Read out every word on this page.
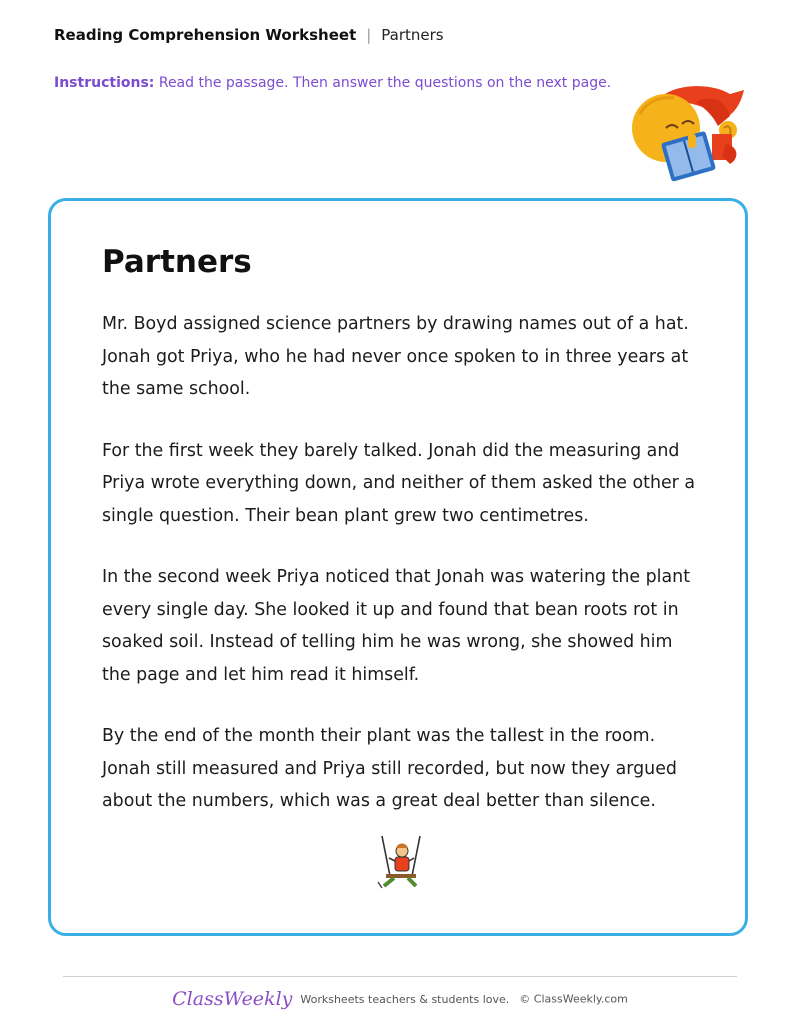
Reading Comprehension Worksheet | Partners
Instructions: Read the passage. Then answer the questions on the next page.
Partners

Mr. Boyd assigned science partners by drawing names out of a hat. Jonah got Priya, who he had never once spoken to in three years at the same school.

For the first week they barely talked. Jonah did the measuring and Priya wrote everything down, and neither of them asked the other a single question. Their bean plant grew two centimetres.

In the second week Priya noticed that Jonah was watering the plant every single day. She looked it up and found that bean roots rot in soaked soil. Instead of telling him he was wrong, she showed him the page and let him read it himself.

By the end of the month their plant was the tallest in the room. Jonah still measured and Priya still recorded, but now they argued about the numbers, which was a great deal better than silence.

ClassWeekly Worksheets teachers & students love. © ClassWeekly.com
